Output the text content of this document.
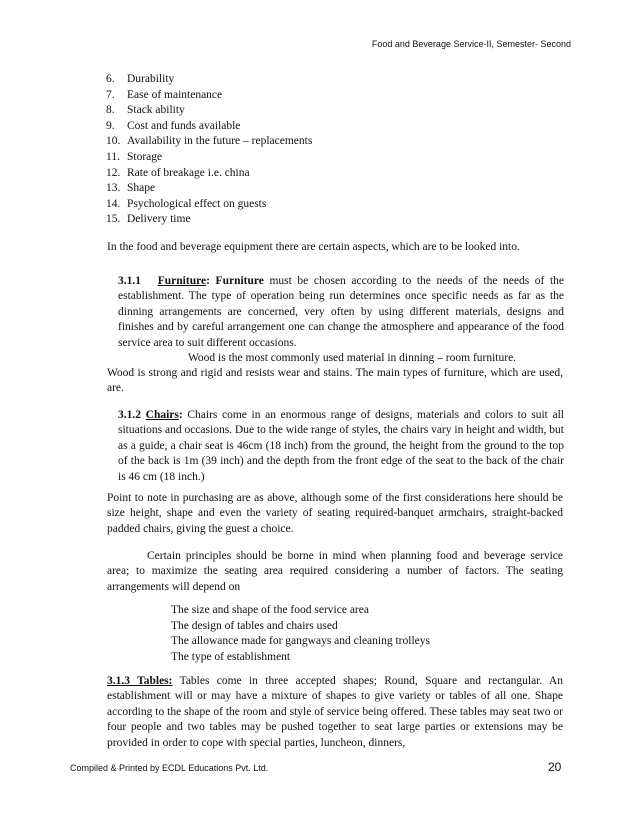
Food and Beverage Service-II, Semester- Second
6.	Durability
7.	Ease of maintenance
8.	Stack ability
9.	Cost and funds available
10. Availability in the future – replacements
11. Storage
12. Rate of breakage i.e. china
13. Shape
14. Psychological effect on guests
15. Delivery time
In the food and beverage equipment there are certain aspects, which are to be looked into.
3.1.1 Furniture: Furniture must be chosen according to the needs of the needs of the establishment. The type of operation being run determines once specific needs as far as the dinning arrangements are concerned, very often by using different materials, designs and finishes and by careful arrangement one can change the atmosphere and appearance of the food service area to suit different occasions.
Wood is the most commonly used material in dinning – room furniture.
Wood is strong and rigid and resists wear and stains. The main types of furniture, which are used, are.
3.1.2 Chairs: Chairs come in an enormous range of designs, materials and colors to suit all situations and occasions. Due to the wide range of styles, the chairs vary in height and width, but as a guide, a chair seat is 46cm (18 inch) from the ground, the height from the ground to the top of the back is 1m (39 inch) and the depth from the front edge of the seat to the back of the chair is 46 cm (18 inch.)
Point to note in purchasing are as above, although some of the first considerations here should be size height, shape and even the variety of seating required-banquet armchairs, straight-backed padded chairs, giving the guest a choice.
Certain principles should be borne in mind when planning food and beverage service area; to maximize the seating area required considering a number of factors. The seating arrangements will depend on
The size and shape of the food service area
The design of tables and chairs used
The allowance made for gangways and cleaning trolleys
The type of establishment
3.1.3 Tables: Tables come in three accepted shapes; Round, Square and rectangular. An establishment will or may have a mixture of shapes to give variety or tables of all one. Shape according to the shape of the room and style of service being offered. These tables may seat two or four people and two tables may be pushed together to seat large parties or extensions may be provided in order to cope with special parties, luncheon, dinners,
Compiled & Printed by ECDL Educations Pvt. Ltd.	20
